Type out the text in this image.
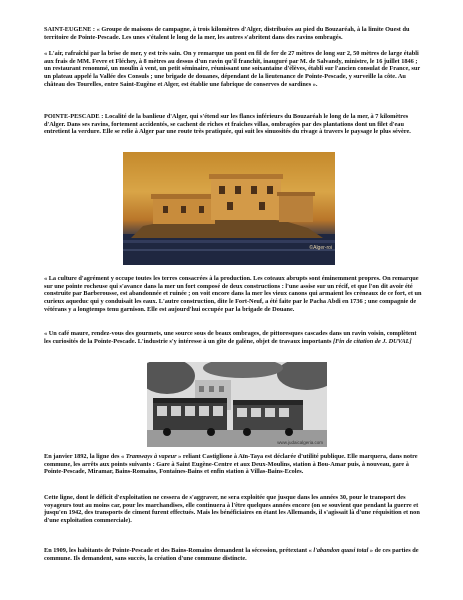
SAINT-EUGENE : « Groupe de maisons de campagne, à trois kilomètres d'Alger, distribuées au pied du Bouzaréah, à la limite Ouest du territoire de Pointe-Pescade. Les unes s'étalent le long de la mer, les autres s'abritent dans des ravins ombragés.

« L'air, rafraîchi par la brise de mer, y est très sain. On y remarque un pont en fil de fer de 27 mètres de long sur 2, 50 mètres de large établi aux frais de MM. Fevre et Fléchey, à 8 mètres au dessus d'un ravin qu'il franchit, inauguré par M. de Salvandy, ministre, le 16 juillet 1846 ; un restaurant renommé, un moulin à vent, un petit séminaire, réunissant une soixantaine d'élèves, établi sur l'ancien consulat de France, sur un plateau appelé la Vallée des Consuls ; une brigade de douanes, dépendant de la lieutenance de Pointe-Pescade, y surveille la côte. Au château des Tourelles, entre Saint-Eugène et Alger, est établie une fabrique de conserves de sardines ».

POINTE-PESCADE : Localité de la banlieue d'Alger, qui s'étend sur les flancs inférieurs du Bouzaréah le long de la mer, à 7 kilomètres d'Alger. Dans ses ravins, fortement accidentés, se cachent de riches et fraiches villas, ombragées par des plantations dont un filet d'eau entretient la verdure. Elle se relie à Alger par une route très pratiquée, qui suit les sinuosités du rivage à travers le paysage le plus sévère.

©Alger-roi

« La culture d'agrément y occupe toutes les terres consacrées à la production. Les coteaux abrupts sont éminemment propres. On remarque sur une pointe rocheuse qui s'avance dans la mer un fort composé de deux constructions : l'une assise sur un récif, et que l'on dit avoir été construite par Barberousse, est abandonnée et ruinée ; on voit encore dans la mer les vieux canons qui armaient les créneaux de ce fort, et un curieux aqueduc qui y conduisait les eaux. L'autre construction, dite le Fort-Neuf, a été faite par le Pacha Abdi en 1736 ; une compagnie de vétérans y a longtemps tenu garnison. Elle est aujourd'hui occupée par la brigade de Douane.

« Un café maure, rendez-vous des gourmets, une source sous de beaux ombrages, de pittoresques cascades dans un ravin voisin, complètent les curiosités de la Pointe-Pescade. L'industrie s'y intéresse à un gîte de galène, objet de travaux importants [Fin de citation de J. DUVAL]

www.judaicalgeria.com

En janvier 1892, la ligne des « Tramways à vapeur » reliant Castiglione à Aïn-Taya est déclarée d'utilité publique. Elle marquera, dans notre commune, les arrêts aux points suivants : Gare à Saint Eugène-Centre et aux Deux-Moulins, station à Bou-Amar puis, à nouveau, gare à Pointe-Pescade, Miramar, Bains-Romains, Fontaines-Bains et enfin station à Villas-Bains-Ecoles.

Cette ligne, dont le déficit d'exploitation ne cessera de s'aggraver, ne sera exploitée que jusque dans les années 30, pour le transport des voyageurs tout au moins car, pour les marchandises, elle continuera à l'être quelques années encore (on se souvient que pendant la guerre et jusqu'en 1942, des transports de ciment furent effectués. Mais les bénéficiaires en étant les Allemands, il s'agissait là d'une réquisition et non d'une exploitation commerciale).

En 1909, les habitants de Pointe-Pescade et des Bains-Romains demandent la sécession, prétextant « l'abandon quasi total » de ces parties de commune. Ils demandent, sans succès, la création d'une commune distincte.
